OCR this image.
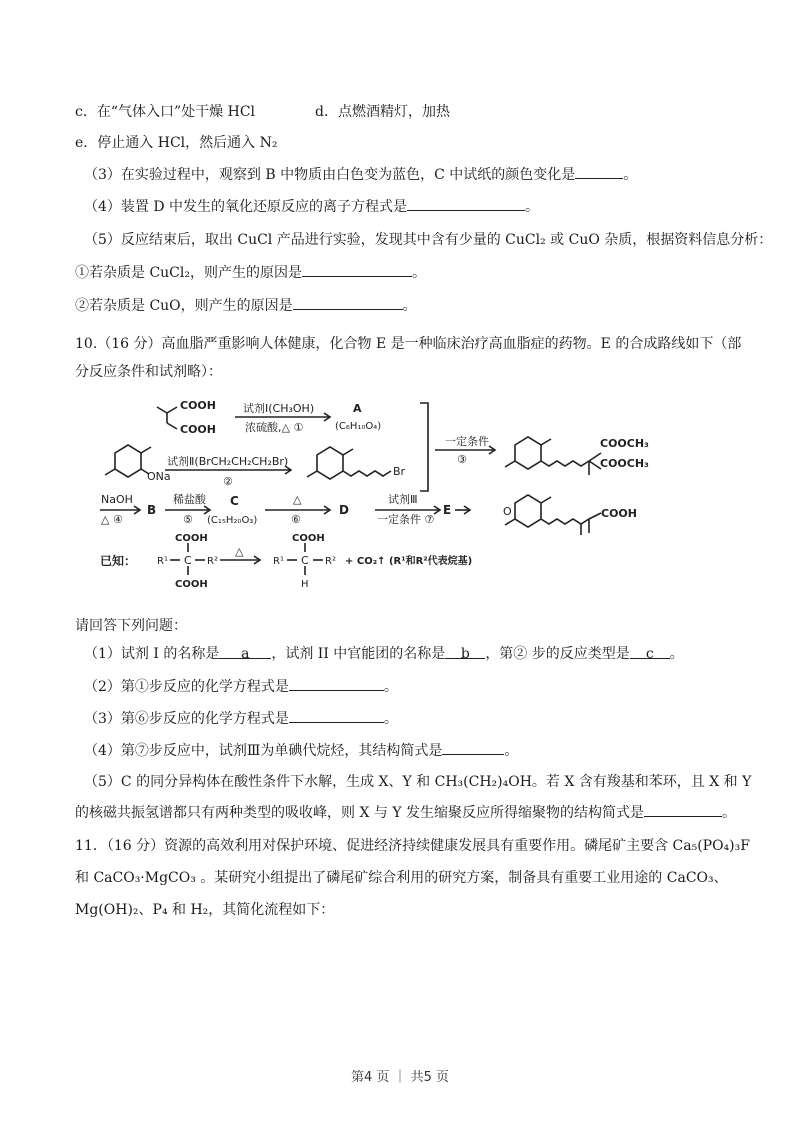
c．在“气体入口”处干燥 HCl	d．点燃酒精灯，加热
e．停止通入 HCl，然后通入 N₂
（3）在实验过程中，观察到 B 中物质由白色变为蓝色，C 中试纸的颜色变化是	。
（4）装置 D 中发生的氧化还原反应的离子方程式是	。
（5）反应结束后，取出 CuCl 产品进行实验，发现其中含有少量的 CuCl₂ 或 CuO 杂质，根据资料信息分析：
①若杂质是 CuCl₂，则产生的原因是	。
②若杂质是 CuO，则产生的原因是	。
10.（16 分）高血脂严重影响人体健康，化合物 E 是一种临床治疗高血脂症的药物。E 的合成路线如下（部
分反应条件和试剂略）：
COOH
COOH
试剂Ⅰ(CH₃OH)
浓硫酸,△ ①
A
(C₆H₁₀O₄)
ONa
试剂Ⅱ(BrCH₂CH₂CH₂Br)
②
Br
一定条件
③
COOCH₃
COOCH₃
NaOH
△ ④
B
稀盐酸
⑤
C
(C₁₅H₂₀O₃)
△
⑥
D
试剂Ⅲ
一定条件 ⑦
E	O	COOH
已知：
COOH
R¹ C R²
COOH
△
COOH
R¹ C R²
H
+ CO₂↑ (R¹和R²代表烷基)
请回答下列问题：
（1）试剂 I 的名称是 a ，试剂 II 中官能团的名称是 b ，第② 步的反应类型是 c 。
（2）第①步反应的化学方程式是	。
（3）第⑥步反应的化学方程式是	。
（4）第⑦步反应中，试剂Ⅲ为单碘代烷烃，其结构简式是	。
（5）C 的同分异构体在酸性条件下水解，生成 X、Y 和 CH₃(CH₂)₄OH。若 X 含有羧基和苯环，且 X 和 Y
的核磁共振氢谱都只有两种类型的吸收峰，则 X 与 Y 发生缩聚反应所得缩聚物的结构简式是	。
11．（16 分）资源的高效利用对保护环境、促进经济持续健康发展具有重要作用。磷尾矿主要含 Ca₅(PO₄)₃F
和 CaCO₃·MgCO₃ 。某研究小组提出了磷尾矿综合利用的研究方案，制备具有重要工业用途的 CaCO₃、
Mg(OH)₂、P₄ 和 H₂，其简化流程如下：
第4 页 ｜ 共5 页
